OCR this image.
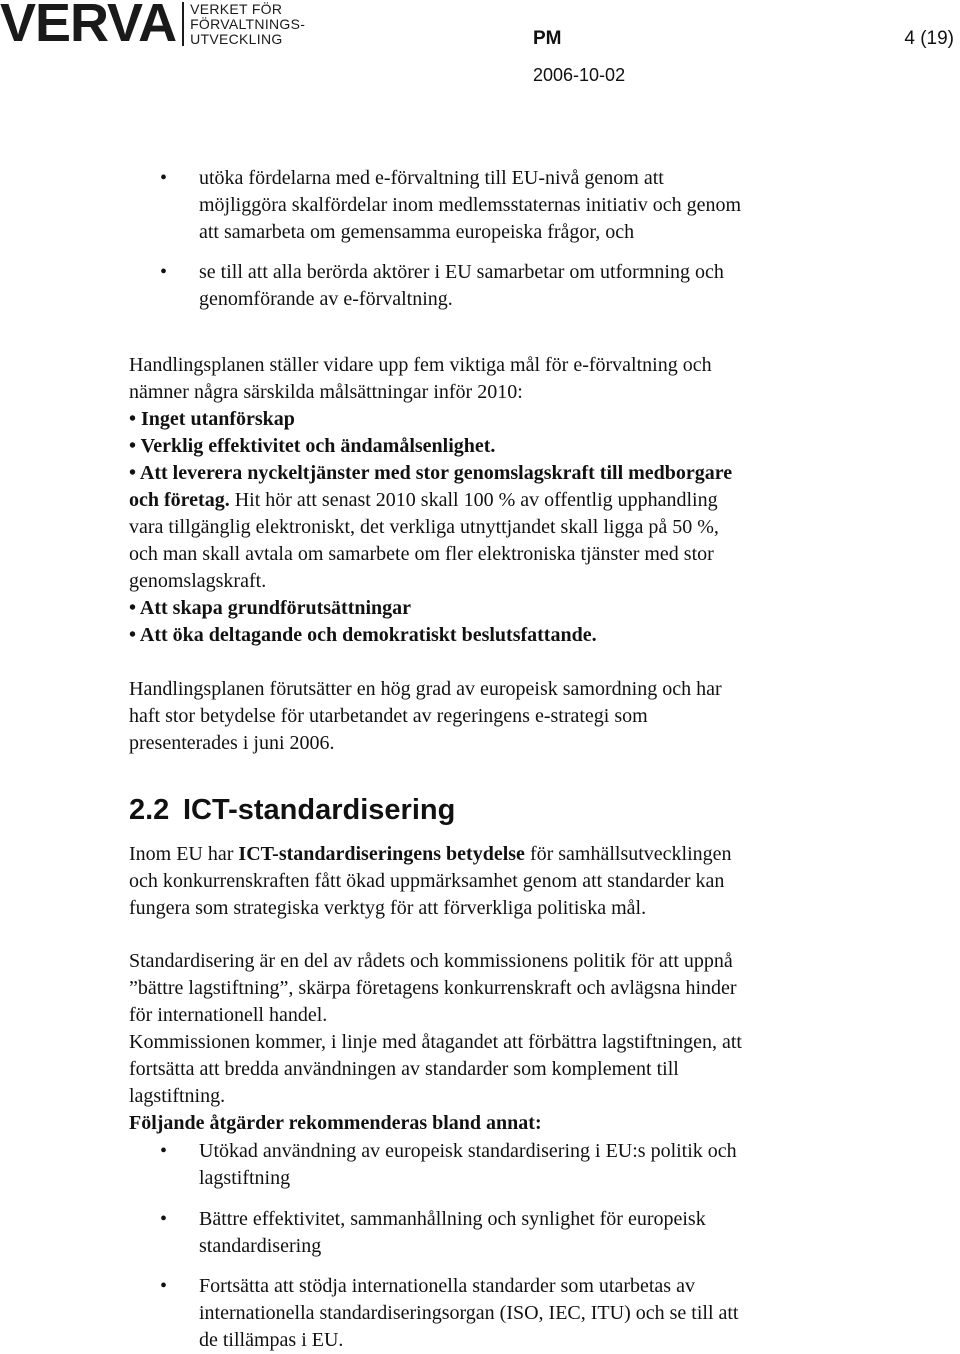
VERVA VERKET FÖR
FÖRVALTNINGS-
UTVECKLING	PM	4 (19)
2006-10-02
• utöka fördelarna med e-förvaltning till EU-nivå genom att
möjliggöra skalfördelar inom medlemsstaternas initiativ och genom
att samarbeta om gemensamma europeiska frågor, och
• se till att alla berörda aktörer i EU samarbetar om utformning och
genomförande av e-förvaltning.
Handlingsplanen ställer vidare upp fem viktiga mål för e-förvaltning och
nämner några särskilda målsättningar inför 2010:
• Inget utanförskap
• Verklig effektivitet och ändamålsenlighet.
• Att leverera nyckeltjänster med stor genomslagskraft till medborgare
och företag. Hit hör att senast 2010 skall 100 % av offentlig upphandling
vara tillgänglig elektroniskt, det verkliga utnyttjandet skall ligga på 50 %,
och man skall avtala om samarbete om fler elektroniska tjänster med stor
genomslagskraft.
• Att skapa grundförutsättningar
• Att öka deltagande och demokratiskt beslutsfattande.
Handlingsplanen förutsätter en hög grad av europeisk samordning och har
haft stor betydelse för utarbetandet av regeringens e-strategi som
presenterades i juni 2006.
2.2 ICT-standardisering
Inom EU har ICT-standardiseringens betydelse för samhällsutvecklingen
och konkurrenskraften fått ökad uppmärksamhet genom att standarder kan
fungera som strategiska verktyg för att förverkliga politiska mål.
Standardisering är en del av rådets och kommissionens politik för att uppnå
”bättre lagstiftning”, skärpa företagens konkurrenskraft och avlägsna hinder
för internationell handel.
Kommissionen kommer, i linje med åtagandet att förbättra lagstiftningen, att
fortsätta att bredda användningen av standarder som komplement till
lagstiftning.
Följande åtgärder rekommenderas bland annat:
• Utökad användning av europeisk standardisering i EU:s politik och
lagstiftning
• Bättre effektivitet, sammanhållning och synlighet för europeisk
standardisering
• Fortsätta att stödja internationella standarder som utarbetas av
internationella standardiseringsorgan (ISO, IEC, ITU) och se till att
de tillämpas i EU.
